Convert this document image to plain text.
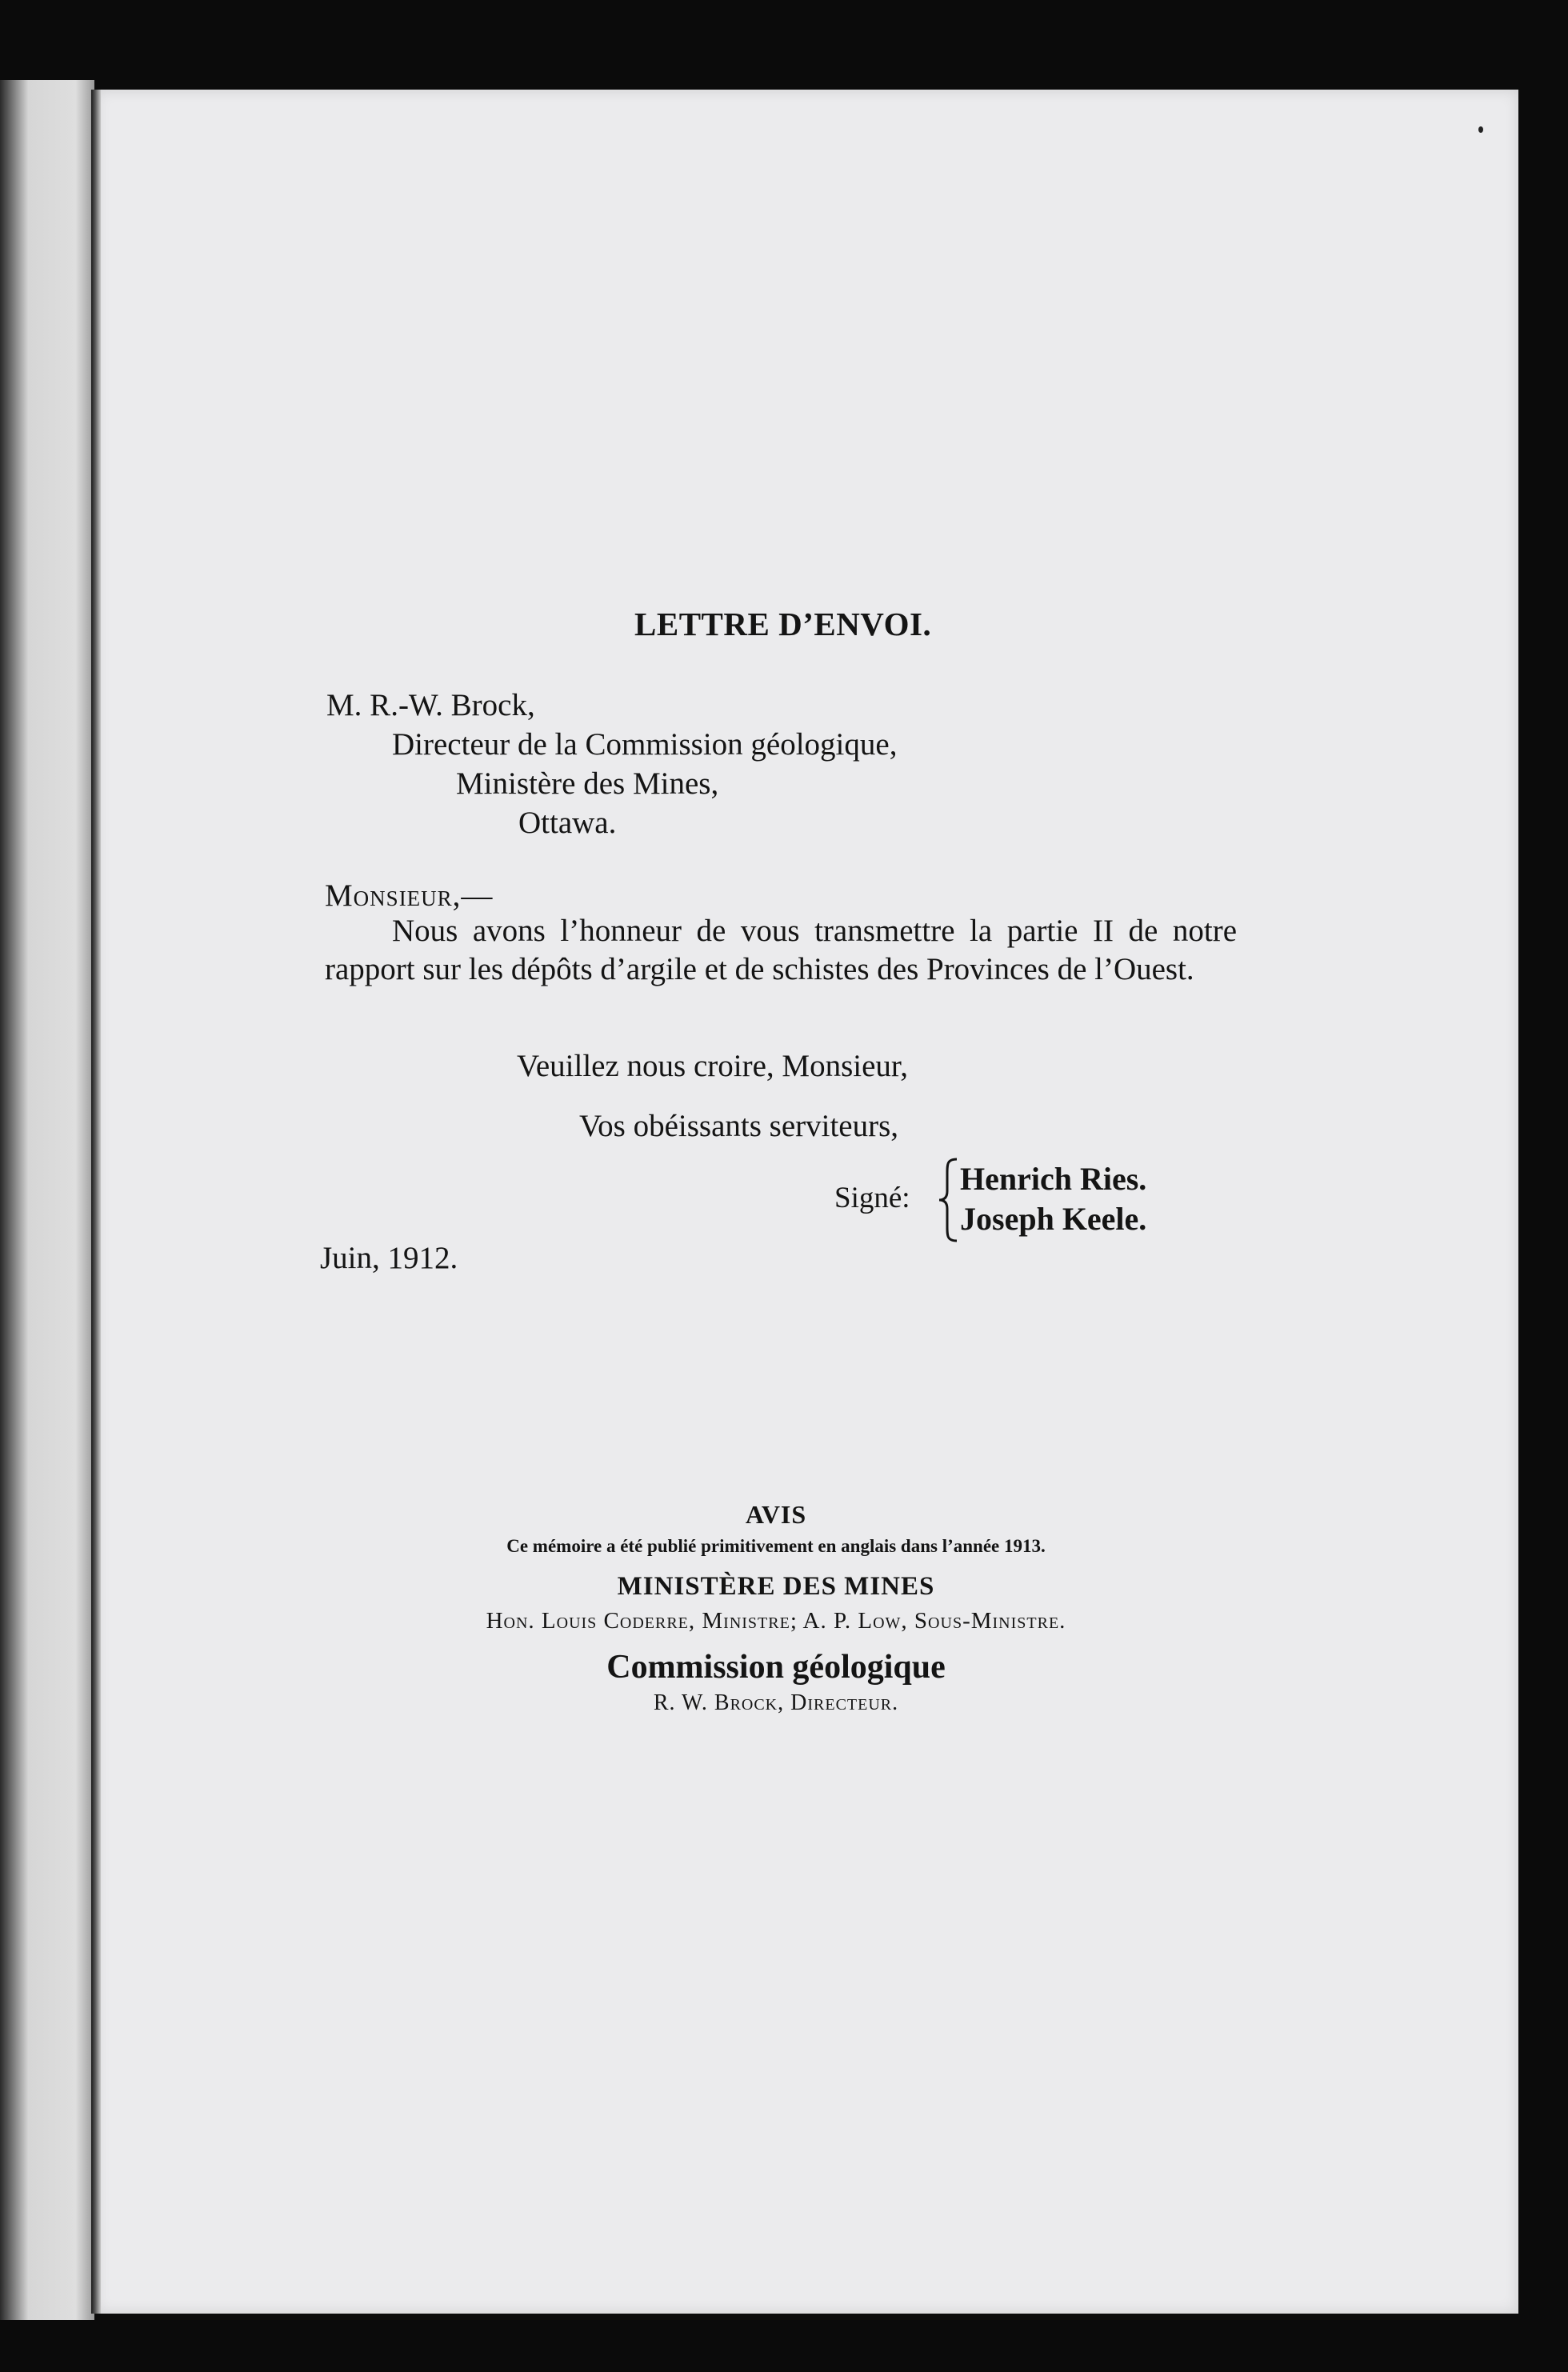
LETTRE D’ENVOI.

M. R.-W. Brock,

Directeur de la Commission géologique,

Ministère des Mines,

Ottawa.

Monsieur,—

Nous avons l’honneur de vous transmettre la partie II de notre rapport sur les dépôts d’argile et de schistes des Provinces de l’Ouest.

Veuillez nous croire, Monsieur,

Vos obéissants serviteurs,

Signé:

Henrich Ries.

Joseph Keele.

Juin, 1912.

AVIS

Ce mémoire a été publié primitivement en anglais dans l’année 1913.

MINISTÈRE DES MINES

Hon. Louis Coderre, Ministre; A. P. Low, Sous-Ministre.

Commission géologique

R. W. Brock, Directeur.
